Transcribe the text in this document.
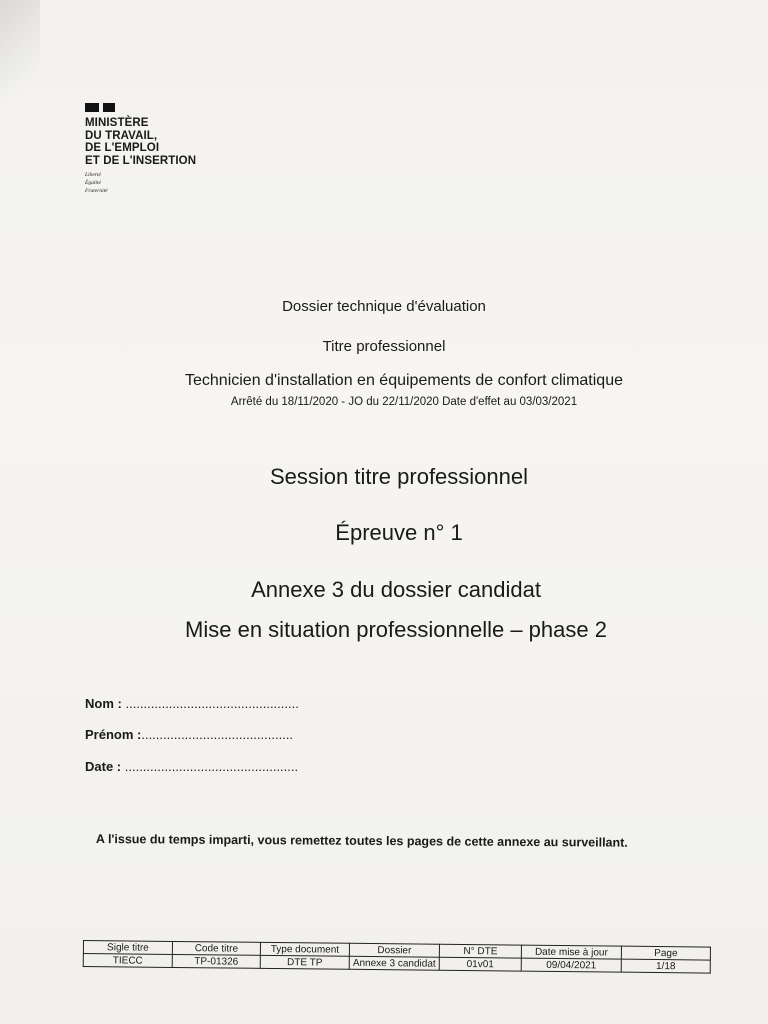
MINISTÈRE
DU TRAVAIL,
DE L'EMPLOI
ET DE L'INSERTION
Liberté
Égalité
Fraternité
Dossier technique d'évaluation
Titre professionnel
Technicien d'installation en équipements de confort climatique
Arrêté du 18/11/2020 - JO du 22/11/2020 Date d'effet au 03/03/2021
Session titre professionnel
Épreuve n° 1
Annexe 3 du dossier candidat
Mise en situation professionnelle – phase 2
Nom : ................................................
Prénom :..........................................
Date : ................................................
A l'issue du temps imparti, vous remettez toutes les pages de cette annexe au surveillant.
Sigle titre	Code titre	Type document	Dossier	N° DTE	Date mise à jour	Page
TIECC	TP-01326	DTE TP	Annexe 3 candidat	01v01	09/04/2021	1/18
